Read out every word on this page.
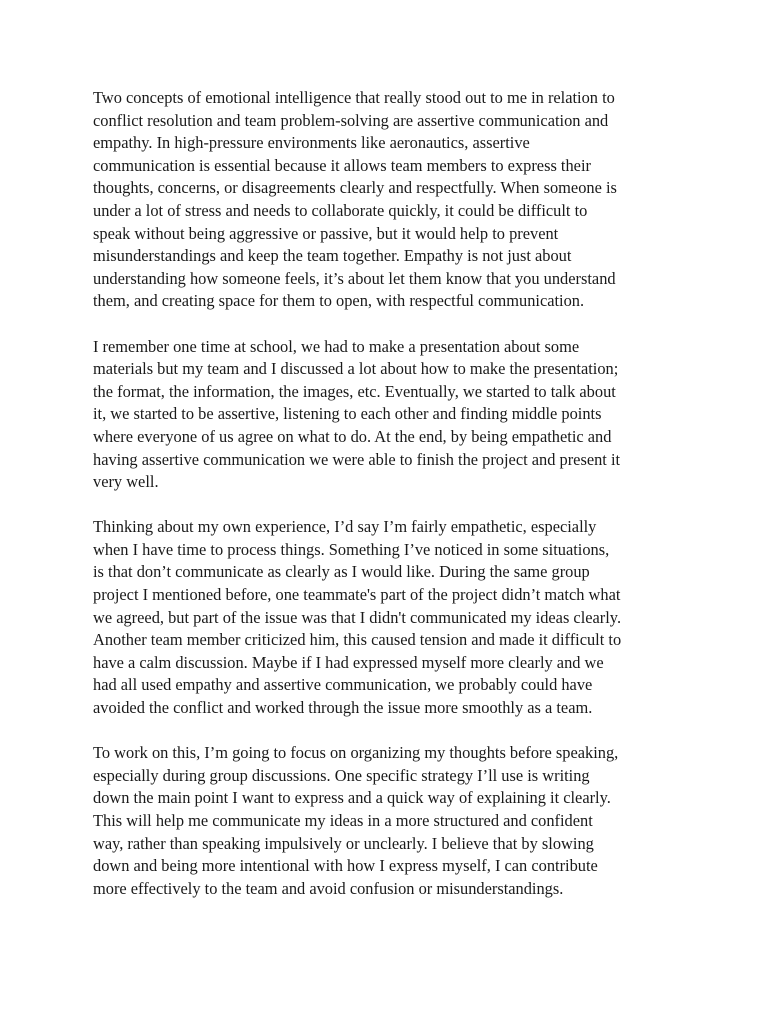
Two concepts of emotional intelligence that really stood out to me in relation to
conflict resolution and team problem-solving are assertive communication and
empathy. In high-pressure environments like aeronautics, assertive
communication is essential because it allows team members to express their
thoughts, concerns, or disagreements clearly and respectfully. When someone is
under a lot of stress and needs to collaborate quickly, it could be difficult to
speak without being aggressive or passive, but it would help to prevent
misunderstandings and keep the team together. Empathy is not just about
understanding how someone feels, it’s about let them know that you understand
them, and creating space for them to open, with respectful communication.

I remember one time at school, we had to make a presentation about some
materials but my team and I discussed a lot about how to make the presentation;
the format, the information, the images, etc. Eventually, we started to talk about
it, we started to be assertive, listening to each other and finding middle points
where everyone of us agree on what to do. At the end, by being empathetic and
having assertive communication we were able to finish the project and present it
very well.

Thinking about my own experience, I’d say I’m fairly empathetic, especially
when I have time to process things. Something I’ve noticed in some situations,
is that don’t communicate as clearly as I would like. During the same group
project I mentioned before, one teammate's part of the project didn’t match what
we agreed, but part of the issue was that I didn't communicated my ideas clearly.
Another team member criticized him, this caused tension and made it difficult to
have a calm discussion. Maybe if I had expressed myself more clearly and we
had all used empathy and assertive communication, we probably could have
avoided the conflict and worked through the issue more smoothly as a team.

To work on this, I’m going to focus on organizing my thoughts before speaking,
especially during group discussions. One specific strategy I’ll use is writing
down the main point I want to express and a quick way of explaining it clearly.
This will help me communicate my ideas in a more structured and confident
way, rather than speaking impulsively or unclearly. I believe that by slowing
down and being more intentional with how I express myself, I can contribute
more effectively to the team and avoid confusion or misunderstandings.
